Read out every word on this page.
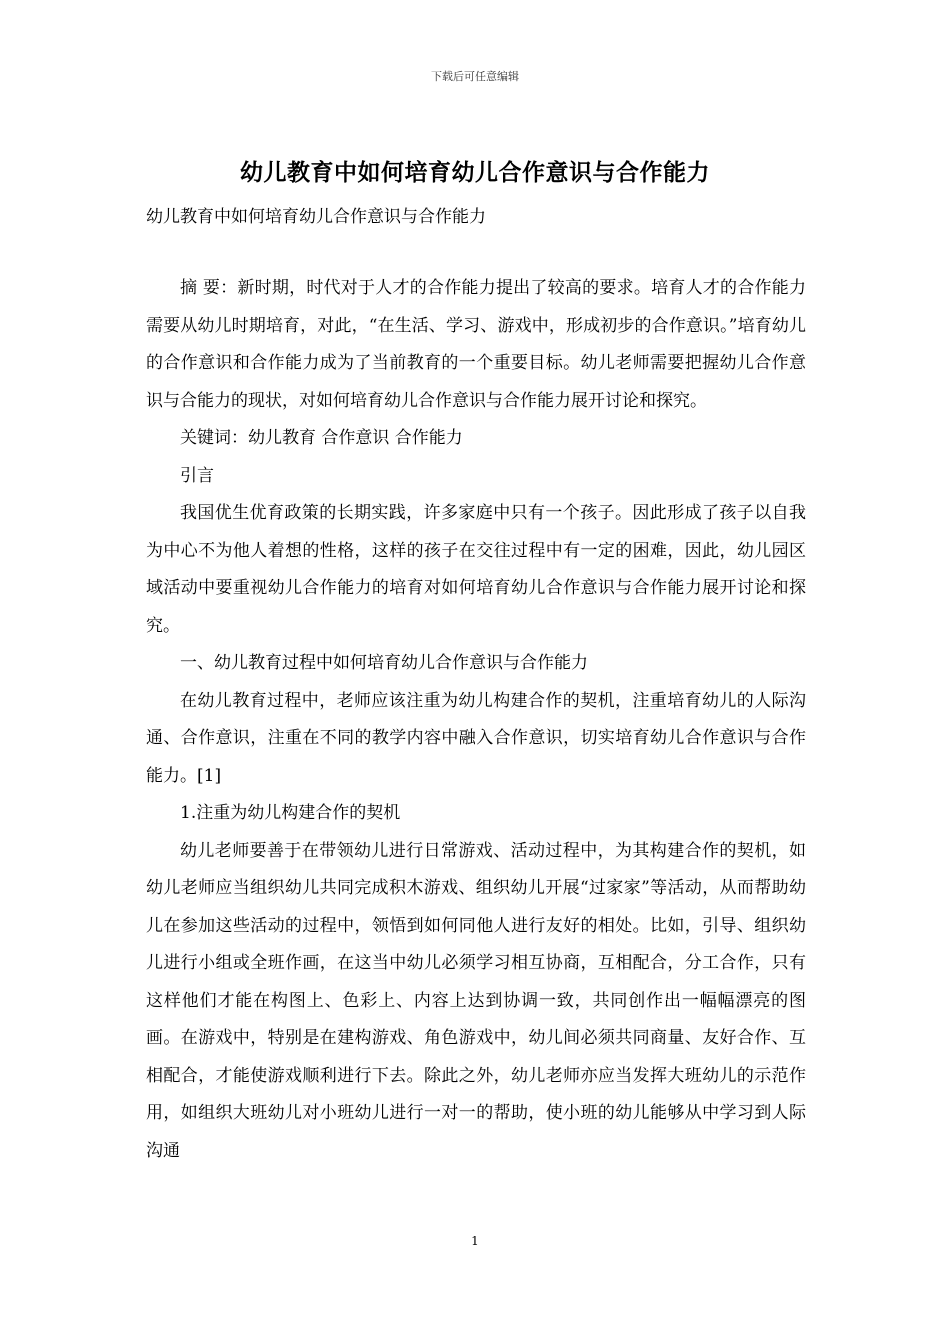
下载后可任意编辑
幼儿教育中如何培育幼儿合作意识与合作能力
幼儿教育中如何培育幼儿合作意识与合作能力

摘 要：新时期，时代对于人才的合作能力提出了较高的要求。培育人才的合作能力需要从幼儿时期培育，对此，“在生活、学习、游戏中，形成初步的合作意识。”培育幼儿的合作意识和合作能力成为了当前教育的一个重要目标。幼儿老师需要把握幼儿合作意识与合能力的现状，对如何培育幼儿合作意识与合作能力展开讨论和探究。

关键词：幼儿教育 合作意识 合作能力

引言

我国优生优育政策的长期实践，许多家庭中只有一个孩子。因此形成了孩子以自我为中心不为他人着想的性格，这样的孩子在交往过程中有一定的困难，因此，幼儿园区域活动中要重视幼儿合作能力的培育对如何培育幼儿合作意识与合作能力展开讨论和探究。

一、幼儿教育过程中如何培育幼儿合作意识与合作能力

在幼儿教育过程中，老师应该注重为幼儿构建合作的契机，注重培育幼儿的人际沟通、合作意识，注重在不同的教学内容中融入合作意识，切实培育幼儿合作意识与合作能力。[1]

1.注重为幼儿构建合作的契机

幼儿老师要善于在带领幼儿进行日常游戏、活动过程中，为其构建合作的契机，如幼儿老师应当组织幼儿共同完成积木游戏、组织幼儿开展“过家家”等活动，从而帮助幼儿在参加这些活动的过程中，领悟到如何同他人进行友好的相处。比如，引导、组织幼儿进行小组或全班作画，在这当中幼儿必须学习相互协商，互相配合，分工合作，只有这样他们才能在构图上、色彩上、内容上达到协调一致，共同创作出一幅幅漂亮的图画。在游戏中，特别是在建构游戏、角色游戏中，幼儿间必须共同商量、友好合作、互相配合，才能使游戏顺利进行下去。除此之外，幼儿老师亦应当发挥大班幼儿的示范作用，如组织大班幼儿对小班幼儿进行一对一的帮助，使小班的幼儿能够从中学习到人际沟通

1
